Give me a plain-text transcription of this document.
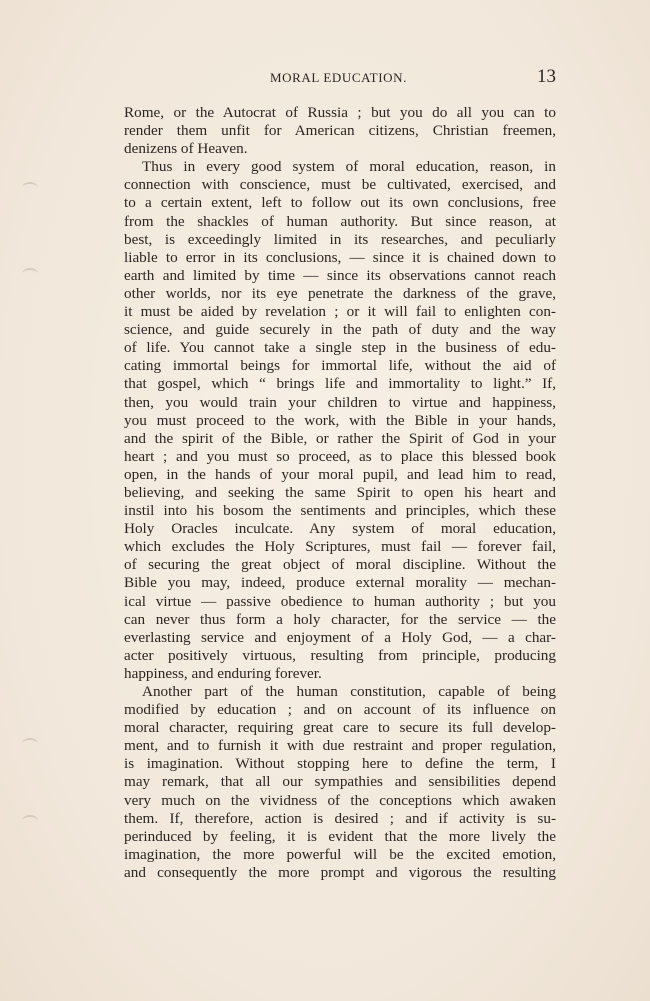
MORAL EDUCATION.	13
Rome, or the Autocrat of Russia ; but you do all you can to
render them unfit for American citizens, Christian freemen,
denizens of Heaven.
Thus in every good system of moral education, reason, in
connection with conscience, must be cultivated, exercised, and
to a certain extent, left to follow out its own conclusions, free
from the shackles of human authority. But since reason, at
best, is exceedingly limited in its researches, and peculiarly
liable to error in its conclusions, — since it is chained down to
earth and limited by time — since its observations cannot reach
other worlds, nor its eye penetrate the darkness of the grave,
it must be aided by revelation ; or it will fail to enlighten con-
science, and guide securely in the path of duty and the way
of life. You cannot take a single step in the business of edu-
cating immortal beings for immortal life, without the aid of
that gospel, which “ brings life and immortality to light.” If,
then, you would train your children to virtue and happiness,
you must proceed to the work, with the Bible in your hands,
and the spirit of the Bible, or rather the Spirit of God in your
heart ; and you must so proceed, as to place this blessed book
open, in the hands of your moral pupil, and lead him to read,
believing, and seeking the same Spirit to open his heart and
instil into his bosom the sentiments and principles, which these
Holy Oracles inculcate. Any system of moral education,
which excludes the Holy Scriptures, must fail — forever fail,
of securing the great object of moral discipline. Without the
Bible you may, indeed, produce external morality — mechan-
ical virtue — passive obedience to human authority ; but you
can never thus form a holy character, for the service — the
everlasting service and enjoyment of a Holy God, — a char-
acter positively virtuous, resulting from principle, producing
happiness, and enduring forever.
Another part of the human constitution, capable of being
modified by education ; and on account of its influence on
moral character, requiring great care to secure its full develop-
ment, and to furnish it with due restraint and proper regulation,
is imagination. Without stopping here to define the term, I
may remark, that all our sympathies and sensibilities depend
very much on the vividness of the conceptions which awaken
them. If, therefore, action is desired ; and if activity is su-
perinduced by feeling, it is evident that the more lively the
imagination, the more powerful will be the excited emotion,
and consequently the more prompt and vigorous the resulting
